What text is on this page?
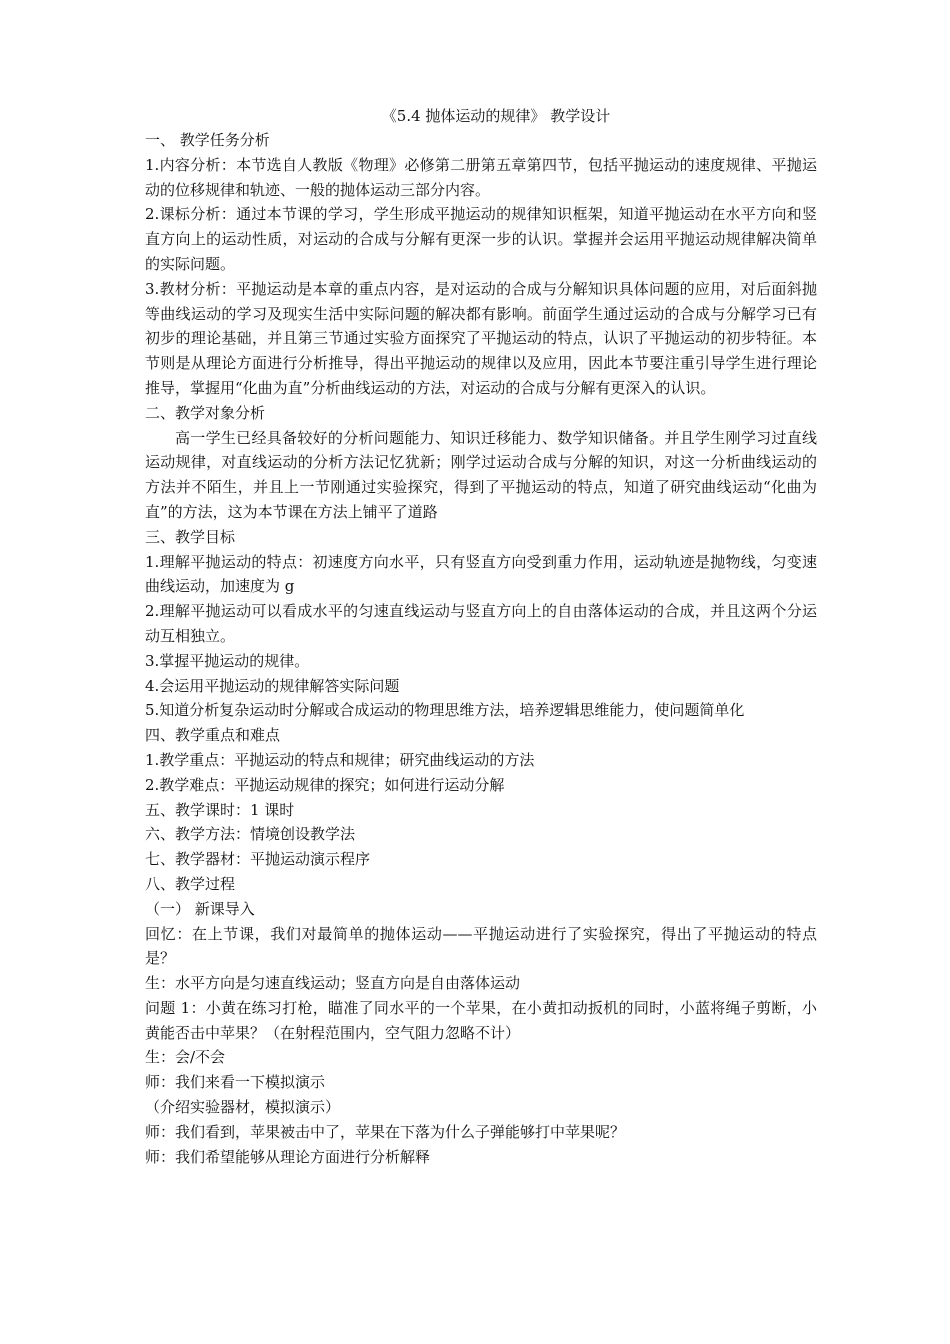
《5.4 抛体运动的规律》 教学设计
一、 教学任务分析
1.内容分析：本节选自人教版《物理》必修第二册第五章第四节，包括平抛运动的速度规律、平抛运动的位移规律和轨迹、一般的抛体运动三部分内容。
2.课标分析：通过本节课的学习，学生形成平抛运动的规律知识框架，知道平抛运动在水平方向和竖直方向上的运动性质，对运动的合成与分解有更深一步的认识。掌握并会运用平抛运动规律解决简单的实际问题。
3.教材分析：平抛运动是本章的重点内容，是对运动的合成与分解知识具体问题的应用，对后面斜抛等曲线运动的学习及现实生活中实际问题的解决都有影响。前面学生通过运动的合成与分解学习已有初步的理论基础，并且第三节通过实验方面探究了平抛运动的特点，认识了平抛运动的初步特征。本节则是从理论方面进行分析推导，得出平抛运动的规律以及应用，因此本节要注重引导学生进行理论推导，掌握用“化曲为直”分析曲线运动的方法，对运动的合成与分解有更深入的认识。
二、教学对象分析
高一学生已经具备较好的分析问题能力、知识迁移能力、数学知识储备。并且学生刚学习过直线运动规律，对直线运动的分析方法记忆犹新；刚学过运动合成与分解的知识，对这一分析曲线运动的方法并不陌生，并且上一节刚通过实验探究，得到了平抛运动的特点，知道了研究曲线运动“化曲为直”的方法，这为本节课在方法上铺平了道路
三、教学目标
1.理解平抛运动的特点：初速度方向水平，只有竖直方向受到重力作用，运动轨迹是抛物线，匀变速曲线运动，加速度为 g
2.理解平抛运动可以看成水平的匀速直线运动与竖直方向上的自由落体运动的合成，并且这两个分运动互相独立。
3.掌握平抛运动的规律。
4.会运用平抛运动的规律解答实际问题
5.知道分析复杂运动时分解或合成运动的物理思维方法，培养逻辑思维能力，使问题简单化
四、教学重点和难点
1.教学重点：平抛运动的特点和规律；研究曲线运动的方法
2.教学难点：平抛运动规律的探究；如何进行运动分解
五、教学课时：1 课时
六、教学方法：情境创设教学法
七、教学器材：平抛运动演示程序
八、教学过程
（一） 新课导入
回忆：在上节课，我们对最简单的抛体运动——平抛运动进行了实验探究，得出了平抛运动的特点是？
生：水平方向是匀速直线运动；竖直方向是自由落体运动
问题 1：小黄在练习打枪，瞄准了同水平的一个苹果，在小黄扣动扳机的同时，小蓝将绳子剪断，小黄能否击中苹果？（在射程范围内，空气阻力忽略不计）
生：会/不会
师：我们来看一下模拟演示
（介绍实验器材，模拟演示）
师：我们看到，苹果被击中了，苹果在下落为什么子弹能够打中苹果呢？
师：我们希望能够从理论方面进行分析解释
